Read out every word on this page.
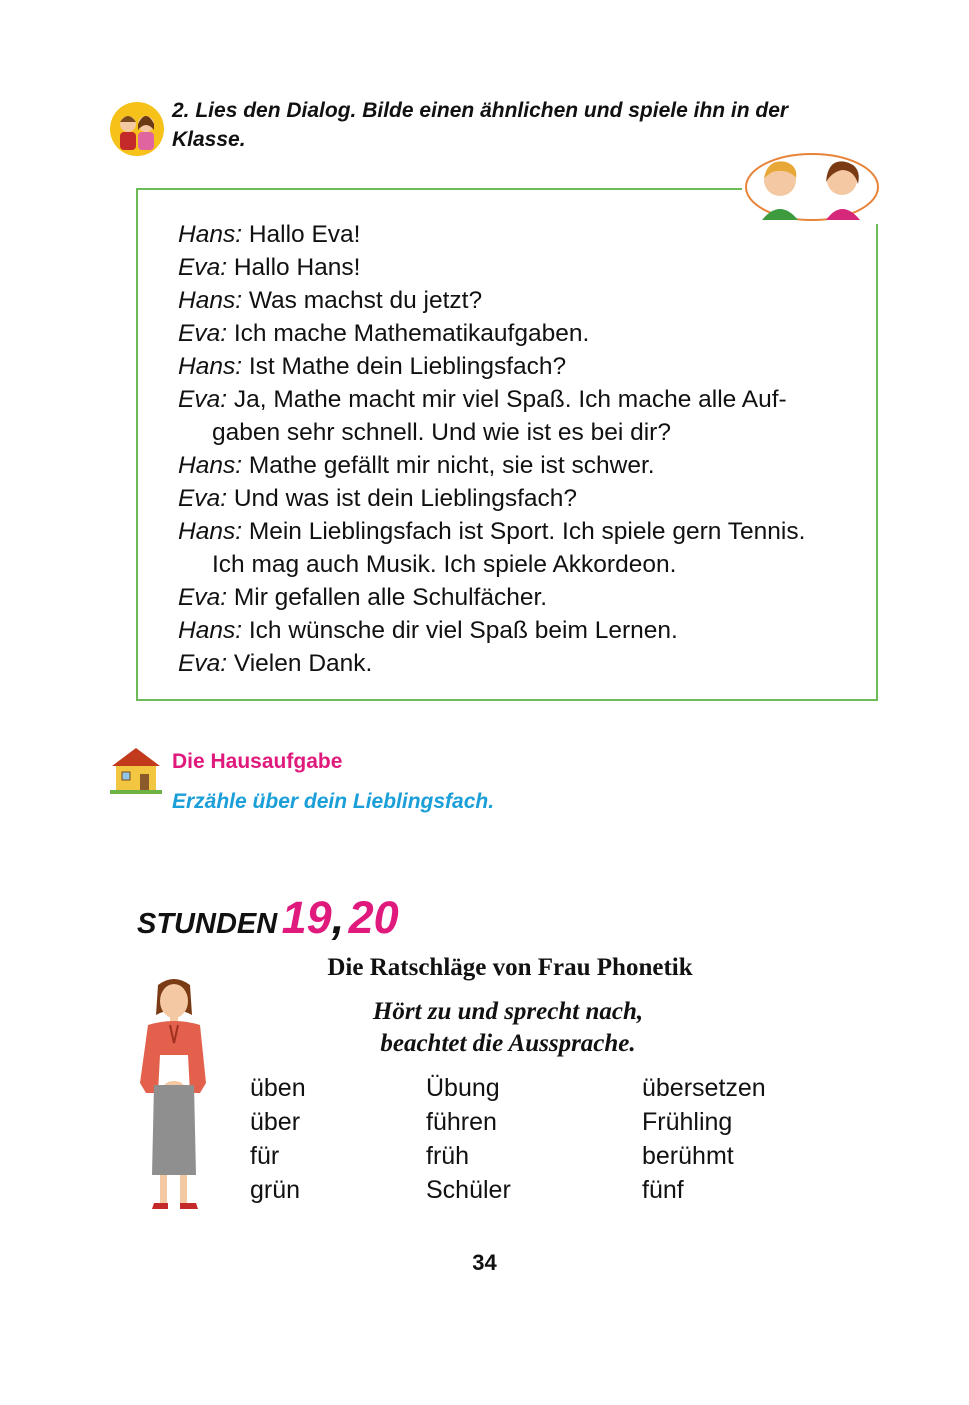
2. Lies den Dialog. Bilde einen ähnlichen und spiele ihn in der
Klasse.
Hans: Hallo Eva!
Eva: Hallo Hans!
Hans: Was machst du jetzt?
Eva: Ich mache Mathematikaufgaben.
Hans: Ist Mathe dein Lieblingsfach?
Eva: Ja, Mathe macht mir viel Spaß. Ich mache alle Auf-
gaben sehr schnell. Und wie ist es bei dir?
Hans: Mathe gefällt mir nicht, sie ist schwer.
Eva: Und was ist dein Lieblingsfach?
Hans: Mein Lieblingsfach ist Sport. Ich spiele gern Tennis.
Ich mag auch Musik. Ich spiele Akkordeon.
Eva: Mir gefallen alle Schulfächer.
Hans: Ich wünsche dir viel Spaß beim Lernen.
Eva: Vielen Dank.
Die Hausaufgabe
Erzähle über dein Lieblingsfach.
STUNDEN 19, 20
Die Ratschläge von Frau Phonetik
Hört zu und sprecht nach,
beachtet die Aussprache.
üben	Übung	übersetzen
über	führen	Frühling
für	früh	berühmt
grün	Schüler	fünf
34
